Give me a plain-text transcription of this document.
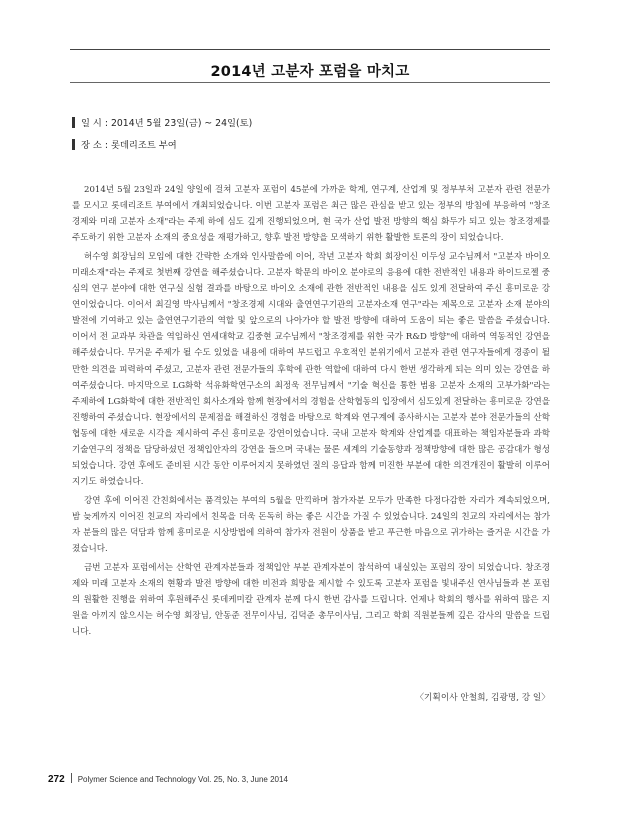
2014년 고분자 포럼을 마치고
일 시 : 2014년 5월 23일(금) ~ 24일(토)
장 소 : 롯데리조트 부여

2014년 5월 23일과 24일 양일에 걸쳐 고분자 포럼이 45분에 가까운 학계, 연구계, 산업계 및 정부부처 고분자 관련 전문가를 모시고 롯데리조트 부여에서 개최되었습니다. 이번 고분자 포럼은 최근 많은 관심을 받고 있는 정부의 방침에 부응하여 "창조경제와 미래 고분자 소재"라는 주제 하에 심도 깊게 진행되었으며, 현 국가 산업 발전 방향의 핵심 화두가 되고 있는 창조경제를 주도하기 위한 고분자 소재의 중요성을 재평가하고, 향후 발전 방향을 모색하기 위한 활발한 토론의 장이 되었습니다.

허수영 회장님의 모임에 대한 간략한 소개와 인사말씀에 이어, 작년 고분자 학회 회장이신 이두성 교수님께서 "고분자 바이오 미래소재"라는 주제로 첫번째 강연을 해주셨습니다. 고분자 학문의 바이오 분야로의 응용에 대한 전반적인 내용과 하이드로젤 중심의 연구 분야에 대한 연구실 실험 결과를 바탕으로 바이오 소재에 관한 전반적인 내용을 심도 있게 전달하여 주신 흥미로운 강연이었습니다. 이어서 최길영 박사님께서 "창조경제 시대와 출연연구기관의 고분자소재 연구"라는 제목으로 고분자 소재 분야의 발전에 기여하고 있는 출연연구기관의 역할 및 앞으로의 나아가야 할 발전 방향에 대하여 도움이 되는 좋은 말씀을 주셨습니다. 이어서 전 교과부 차관을 역임하신 연세대학교 김중현 교수님께서 "창조경제를 위한 국가 R&D 방향"에 대하여 역동적인 강연을 해주셨습니다. 무거운 주제가 될 수도 있었을 내용에 대하여 부드럽고 우호적인 분위기에서 고분자 관련 연구자들에게 경종이 될만한 의견을 피력하여 주셨고, 고분자 관련 전문가들의 후학에 관한 역할에 대하여 다시 한번 생각하게 되는 의미 있는 강연을 하여주셨습니다. 마지막으로 LG화학 석유화학연구소의 최정욱 전무님께서 "기술 혁신을 통한 범용 고분자 소재의 고부가화"라는 주제하에 LG화학에 대한 전반적인 회사소개와 함께 현장에서의 경험을 산학협동의 입장에서 심도있게 전달하는 흥미로운 강연을 진행하여 주셨습니다. 현장에서의 문제점을 해결하신 경험을 바탕으로 학계와 연구계에 종사하시는 고분자 분야 전문가들의 산학 협동에 대한 새로운 시각을 제시하여 주신 흥미로운 강연이었습니다. 국내 고분자 학계와 산업계를 대표하는 책임자분들과 과학기술연구의 정책을 담당하셨던 정책입안자의 강연을 들으며 국내는 물론 세계의 기술동향과 정책방향에 대한 많은 공감대가 형성되었습니다. 강연 후에도 준비된 시간 동안 이루어지지 못하였던 질의 응답과 함께 미진한 부분에 대한 의견개진이 활발히 이루어지기도 하였습니다.

강연 후에 이어진 간친회에서는 품격있는 부여의 5월을 만끽하며 참가자분 모두가 만족한 다정다감한 자리가 계속되었으며, 밤 늦게까지 이어진 친교의 자리에서 친목을 더욱 돈독히 하는 좋은 시간을 가질 수 있었습니다. 24일의 친교의 자리에서는 참가자 분들의 많은 덕담과 함께 흥미로운 시상방법에 의하여 참가자 전원이 상품을 받고 푸근한 마음으로 귀가하는 즐거운 시간을 가졌습니다.

금번 고분자 포럼에서는 산학연 관계자분들과 정책입안 부분 관계자분이 참석하여 내실있는 포럼의 장이 되었습니다. 창조경제와 미래 고분자 소재의 현황과 발전 방향에 대한 비전과 희망을 제시할 수 있도록 고분자 포럼을 빛내주신 연사님들과 본 포럼의 원활한 진행을 위하여 후원해주신 롯데케미칼 관계자 분께 다시 한번 감사를 드립니다. 언제나 학회의 행사를 위하여 많은 지원을 아끼지 않으시는 허수영 회장님, 안동준 전무이사님, 김덕준 총무이사님, 그리고 학회 직원분들께 깊은 감사의 말씀을 드립니다.

〈기획이사 안철희, 김광명, 강 일〉
272 Polymer Science and Technology Vol. 25, No. 3, June 2014
